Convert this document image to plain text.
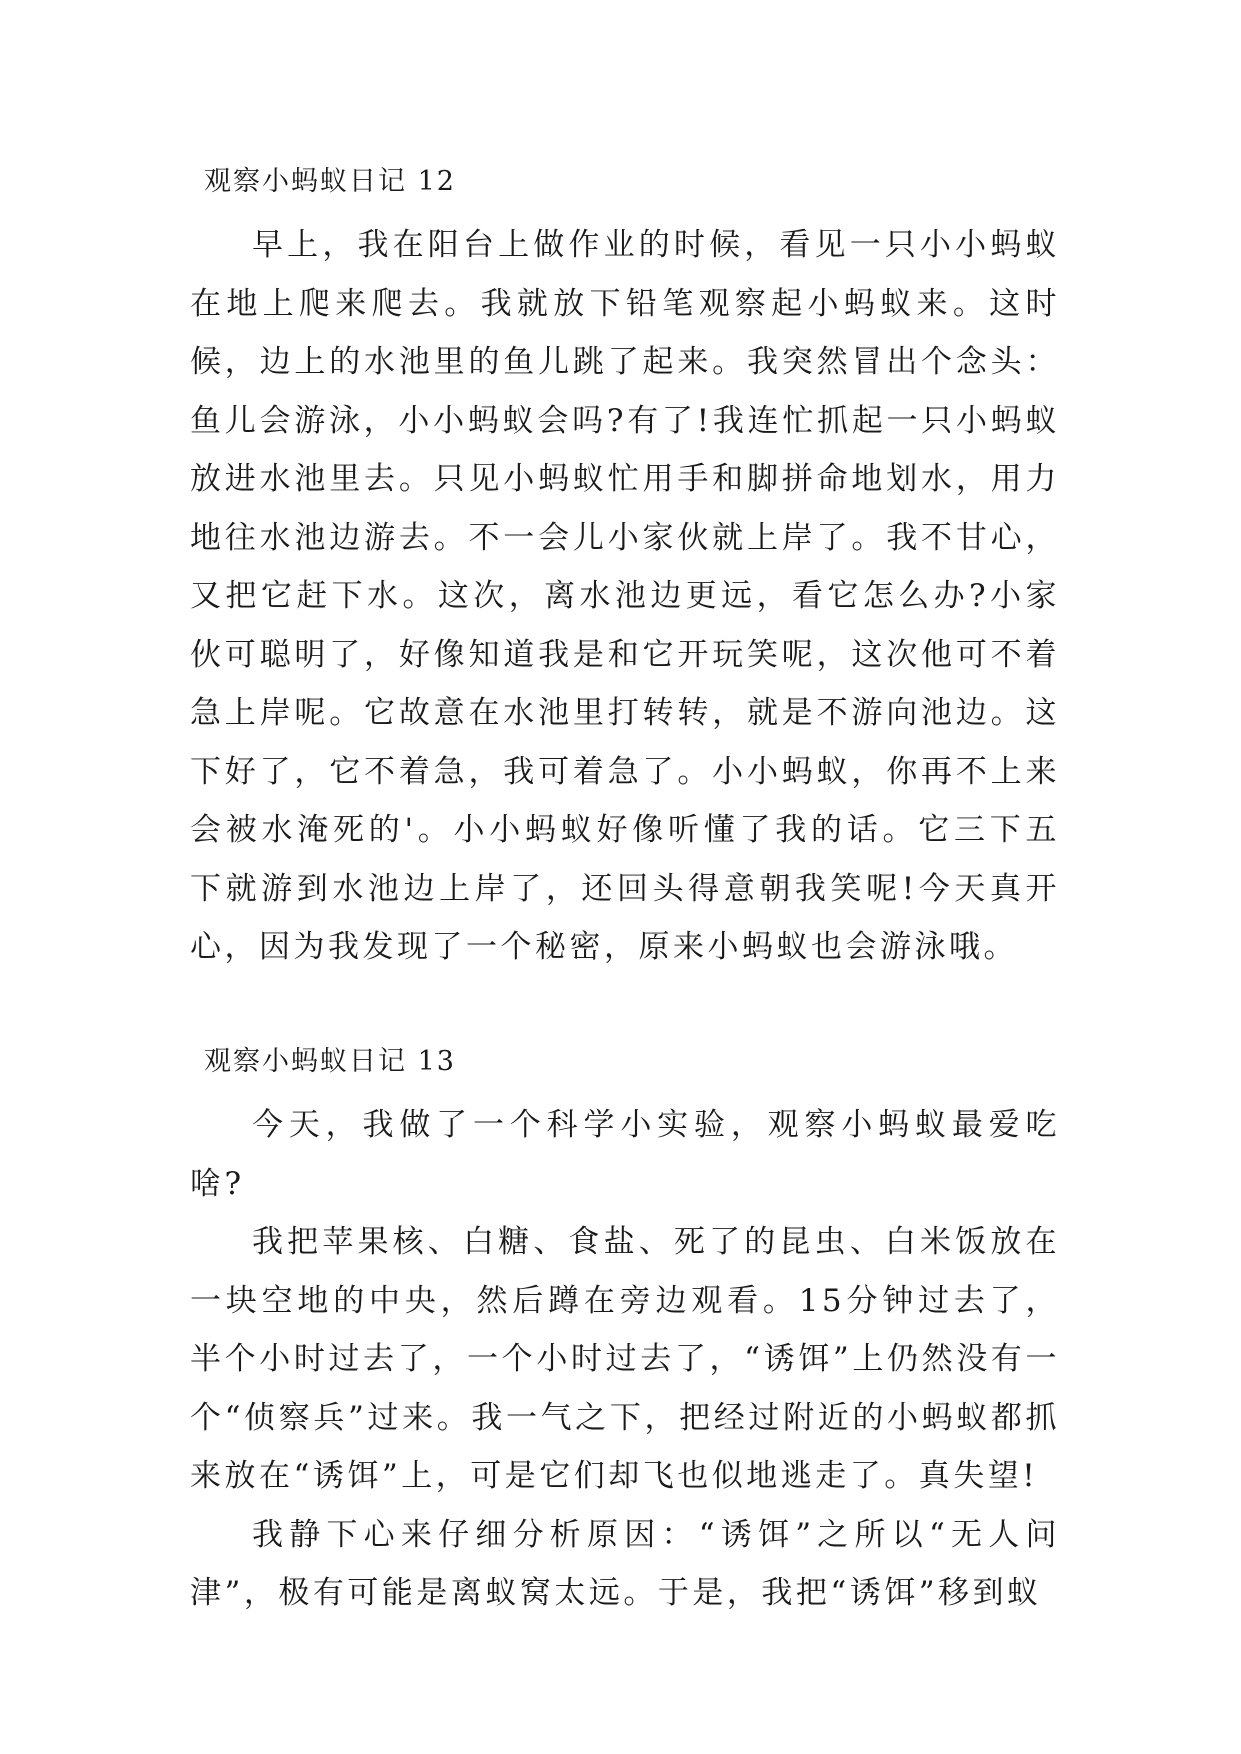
观察小蚂蚁日记 12

早上，我在阳台上做作业的时候，看见一只小小蚂蚁在地上爬来爬去。我就放下铅笔观察起小蚂蚁来。这时候，边上的水池里的鱼儿跳了起来。我突然冒出个念头：鱼儿会游泳，小小蚂蚁会吗?有了!我连忙抓起一只小蚂蚁放进水池里去。只见小蚂蚁忙用手和脚拼命地划水，用力地往水池边游去。不一会儿小家伙就上岸了。我不甘心，又把它赶下水。这次，离水池边更远，看它怎么办?小家伙可聪明了，好像知道我是和它开玩笑呢，这次他可不着急上岸呢。它故意在水池里打转转，就是不游向池边。这下好了，它不着急，我可着急了。小小蚂蚁，你再不上来会被水淹死的'。小小蚂蚁好像听懂了我的话。它三下五下就游到水池边上岸了，还回头得意朝我笑呢!今天真开心，因为我发现了一个秘密，原来小蚂蚁也会游泳哦。

观察小蚂蚁日记 13

今天，我做了一个科学小实验，观察小蚂蚁最爱吃啥?

我把苹果核、白糖、食盐、死了的昆虫、白米饭放在一块空地的中央，然后蹲在旁边观看。15分钟过去了，半个小时过去了，一个小时过去了，“诱饵”上仍然没有一个“侦察兵”过来。我一气之下，把经过附近的小蚂蚁都抓来放在“诱饵”上，可是它们却飞也似地逃走了。真失望!

我静下心来仔细分析原因：“诱饵”之所以“无人问津”，极有可能是离蚁窝太远。于是，我把“诱饵”移到蚁
